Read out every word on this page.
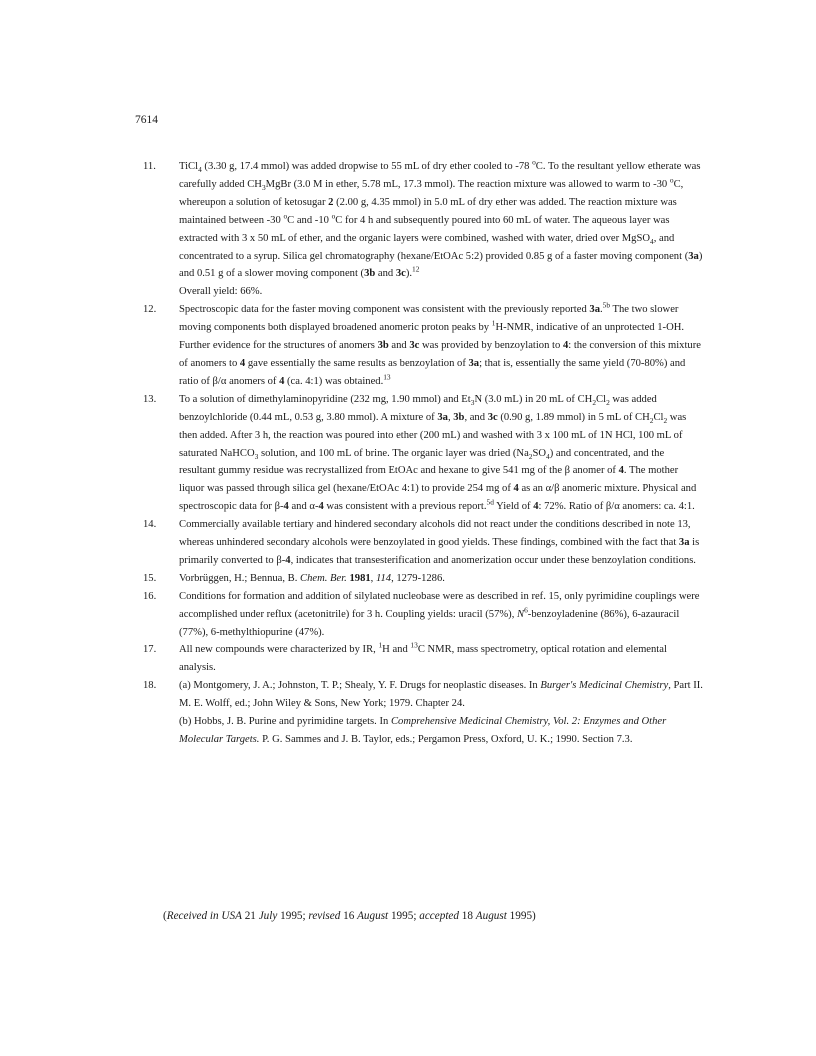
7614
11.	TiCl$_4$ (3.30 g, 17.4 mmol) was added dropwise to 55 mL of dry ether cooled to -78 $^o$C. To the resultant yellow etherate was carefully added $CH_3MgBr$ (3.0 M in ether, 5.78 mL, 17.3 mmol). The reaction mixture was allowed to warm to -30 $^o$C, whereupon a solution of ketosugar 2 (2.00 g, 4.35 mmol) in 5.0 mL of dry ether was added. The reaction mixture was maintained between -30 $^o$C and -10 $^o$C for 4 h and subsequently poured into 60 mL of water. The aqueous layer was extracted with 3 x 50 mL of ether, and the organic layers were combined, washed with water, dried over MgSO$_4$, and concentrated to a syrup. Silica gel chromatography (hexane/EtOAc 5:2) provided 0.85 g of a faster moving component (3a) and 0.51 g of a slower moving component (3b and 3c).$^{12}$
Overall yield: 66%.
12.	Spectroscopic data for the faster moving component was consistent with the previously reported 3a.$^{5b}$ The two slower moving components both displayed broadened anomeric proton peaks by $^1$H-NMR, indicative of an unprotected 1-OH. Further evidence for the structures of anomers 3b and 3c was provided by benzoylation to 4: the conversion of this mixture of anomers to 4 gave essentially the same results as benzoylation of 3a; that is, essentially the same yield (70-80%) and ratio of β/α anomers of 4 (ca. 4:1) was obtained.$^{13}$
13.	To a solution of dimethylaminopyridine (232 mg, 1.90 mmol) and $Et_3N$ (3.0 mL) in 20 mL of $CH_2Cl_2$ was added benzoylchloride (0.44 mL, 0.53 g, 3.80 mmol). A mixture of 3a, 3b, and 3c (0.90 g, 1.89 mmol) in 5 mL of $CH_2Cl_2$ was then added. After 3 h, the reaction was poured into ether (200 mL) and washed with 3 x 100 mL of 1N HCl, 100 mL of saturated NaHCO$_3$ solution, and 100 mL of brine. The organic layer was dried $(Na_2SO_4)$ and concentrated, and the resultant gummy residue was recrystallized from EtOAc and hexane to give 541 mg of the β anomer of 4. The mother liquor was passed through silica gel (hexane/EtOAc 4:1) to provide 254 mg of 4 as an α/β anomeric mixture. Physical and spectroscopic data for β-4 and α-4 was consistent with a previous report.$^{5d}$ Yield of 4: 72%. Ratio of β/α anomers: ca. 4:1.
14.	Commercially available tertiary and hindered secondary alcohols did not react under the conditions described in note 13, whereas unhindered secondary alcohols were benzoylated in good yields. These findings, combined with the fact that 3a is primarily converted to β-4, indicates that transesterification and anomerization occur under these benzoylation conditions.
15.	Vorbrüggen, H.; Bennua, B. Chem. Ber. 1981, 114, 1279-1286.
16.	Conditions for formation and addition of silylated nucleobase were as described in ref. 15, only pyrimidine couplings were accomplished under reflux (acetonitrile) for 3 h. Coupling yields: uracil (57%), $N^6$-benzoyladenine (86%), 6-azauracil (77%), 6-methylthiopurine (47%).
17.	All new compounds were characterized by IR, $^1$H and $^{13}$C NMR, mass spectrometry, optical rotation and elemental analysis.
18.	(a) Montgomery, J. A.; Johnston, T. P.; Shealy, Y. F. Drugs for neoplastic diseases. In Burger's Medicinal Chemistry, Part II. M. E. Wolff, ed.; John Wiley & Sons, New York; 1979. Chapter 24.
(b) Hobbs, J. B. Purine and pyrimidine targets. In Comprehensive Medicinal Chemistry, Vol. 2: Enzymes and Other Molecular Targets. P. G. Sammes and J. B. Taylor, eds.; Pergamon Press, Oxford, U. K.; 1990. Section 7.3.
(Received in USA 21 July 1995; revised 16 August 1995; accepted 18 August 1995)
